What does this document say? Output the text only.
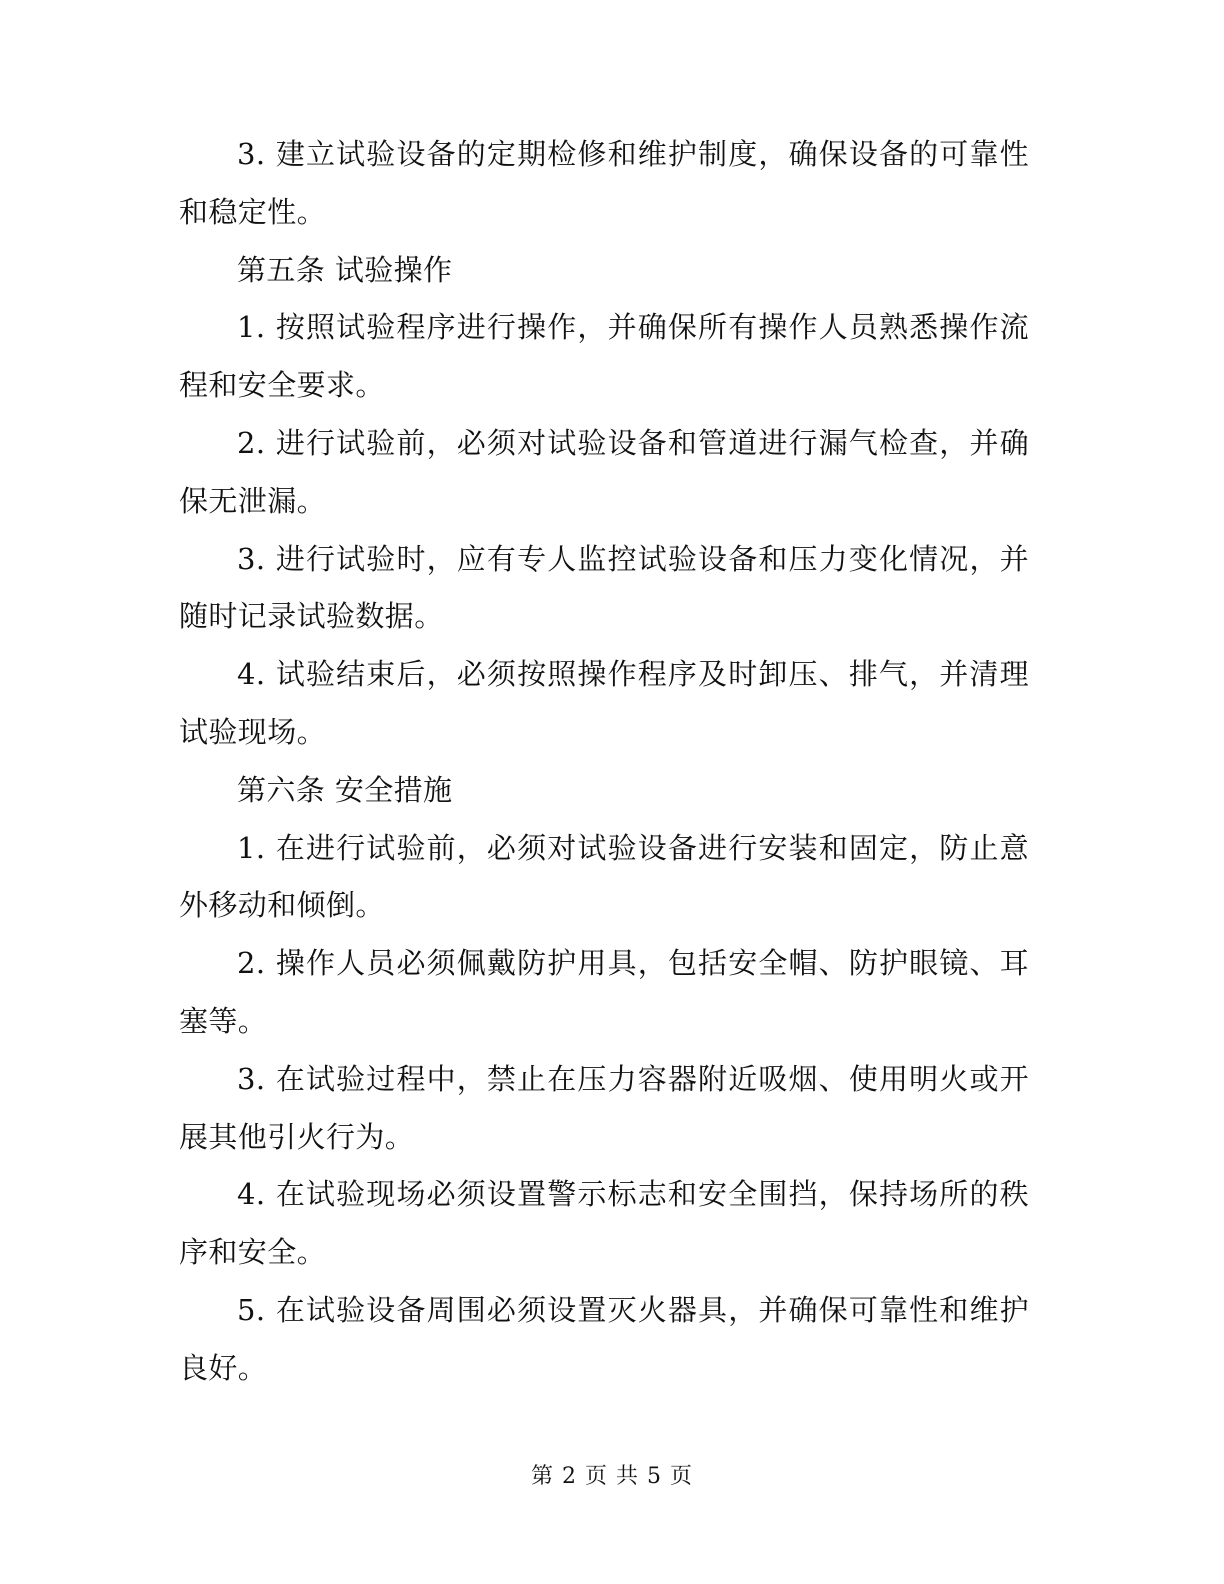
3. 建立试验设备的定期检修和维护制度，确保设备的可靠性和稳定性。

第五条 试验操作

1. 按照试验程序进行操作，并确保所有操作人员熟悉操作流程和安全要求。

2. 进行试验前，必须对试验设备和管道进行漏气检查，并确保无泄漏。

3. 进行试验时，应有专人监控试验设备和压力变化情况，并随时记录试验数据。

4. 试验结束后，必须按照操作程序及时卸压、排气，并清理试验现场。

第六条 安全措施

1. 在进行试验前，必须对试验设备进行安装和固定，防止意外移动和倾倒。

2. 操作人员必须佩戴防护用具，包括安全帽、防护眼镜、耳塞等。

3. 在试验过程中，禁止在压力容器附近吸烟、使用明火或开展其他引火行为。

4. 在试验现场必须设置警示标志和安全围挡，保持场所的秩序和安全。

5. 在试验设备周围必须设置灭火器具，并确保可靠性和维护良好。

第 2 页 共 5 页
